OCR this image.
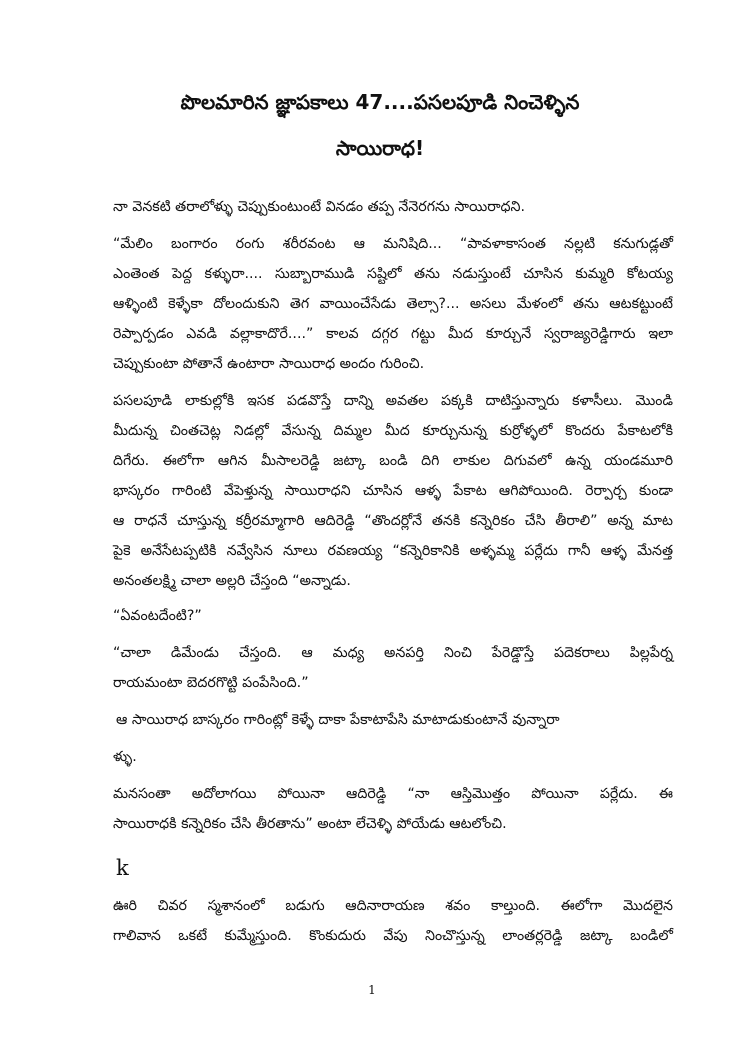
పొలమారిన జ్ఞాపకాలు 47....పసలపూడి నించెళ్ళిన
సాయిరాధ!
నా వెనకటి తరాలోళ్ళు చెప్పుకుంటుంటే వినడం తప్ప నేనెరగను సాయిరాధని.
“మేలిం బంగారం రంగు శరీరవంట ఆ మనిషిది... “పావళాకాసంత నల్లటి కనుగుడ్లతో
ఎంతెంత పెద్ద కళ్ళురా.... సుబ్బారాముడి సష్టిలో తను నడుస్తుంటే చూసిన కుమ్మరి కోటయ్య
ఆళ్ళింటి కెళ్ళేకా దోలందుకుని తెగ వాయించేసేడు తెల్సా?... అసలు మేళంలో తను ఆటకట్టుంటే
రెప్పార్పడం ఎవడి వల్లాకాదొరే....” కాలవ దగ్గర గట్టు మీద కూర్చునే స్వరాజ్యరెడ్డిగారు ఇలా
చెప్పుకుంటా పోతానే ఉంటారా సాయిరాధ అందం గురించి.
పసలపూడి లాకుల్లోకి ఇసక పడవొస్తే దాన్ని అవతల పక్కకి దాటిస్తున్నారు కళాసీలు. మొండి
మీదున్న చింతచెట్ల నిడల్లో వేసున్న దిమ్మల మీద కూర్చునున్న కుర్రోళ్ళలో కొందరు పేకాటలోకి
దిగేరు. ఈలోగా ఆగిన మీసాలరెడ్డి జట్కా బండి దిగి లాకుల దిగువలో ఉన్న యండమూరి
భాస్కరం గారింటి వేపెళ్తున్న సాయిరాధని చూసిన ఆళ్ళ పేకాట ఆగిపోయింది. రెర్పార్చ కుండా
ఆ రాధనే చూస్తున్న కర్రీరమ్మాగారి ఆదిరెడ్డి “తొందర్లోనే తనకి కన్నెరికం చేసి తీరాలి” అన్న మాట
పైకె అనేసేటప్పటికి నవ్వేసిన నూలు రవణయ్య “కన్నెరికానికి అళ్ళమ్మ పర్లేదు గానీ ఆళ్ళ మేనత్త
అనంతలక్ష్మి చాలా అల్లరి చేస్తంది “అన్నాడు.
“ఏవంటదేంటి?”
“చాలా డిమేండు చేస్తంది. ఆ మధ్య అనపర్తి నించి పేరెడ్డొస్తే పదెకరాలు పిల్లపేర్న
రాయమంటా బెదరగొట్టి పంపేసింది.”
ఆ సాయిరాధ బాస్కరం గారింట్లో కెళ్ళే దాకా పేకాటాపేసి మాటాడుకుంటానే వున్నారా
ళ్ళు.
మనసంతా అదోలాగయి పోయినా ఆదిరెడ్డి “నా ఆస్తిమొత్తం పోయినా పర్లేదు. ఈ
సాయిరాధకి కన్నెరికం చేసి తీరతాను” అంటా లేచెళ్ళి పోయేడు ఆటలోంచి.
k
ఊరి చివర స్మశానంలో బడుగు ఆదినారాయణ శవం కాల్తుంది. ఈలోగా మొదలైన
గాలివాన ఒకటే కుమ్మేస్తుంది. కొంకుదురు వేపు నించొస్తున్న లాంతర్లరెడ్డి జట్కా బండిలో
1
